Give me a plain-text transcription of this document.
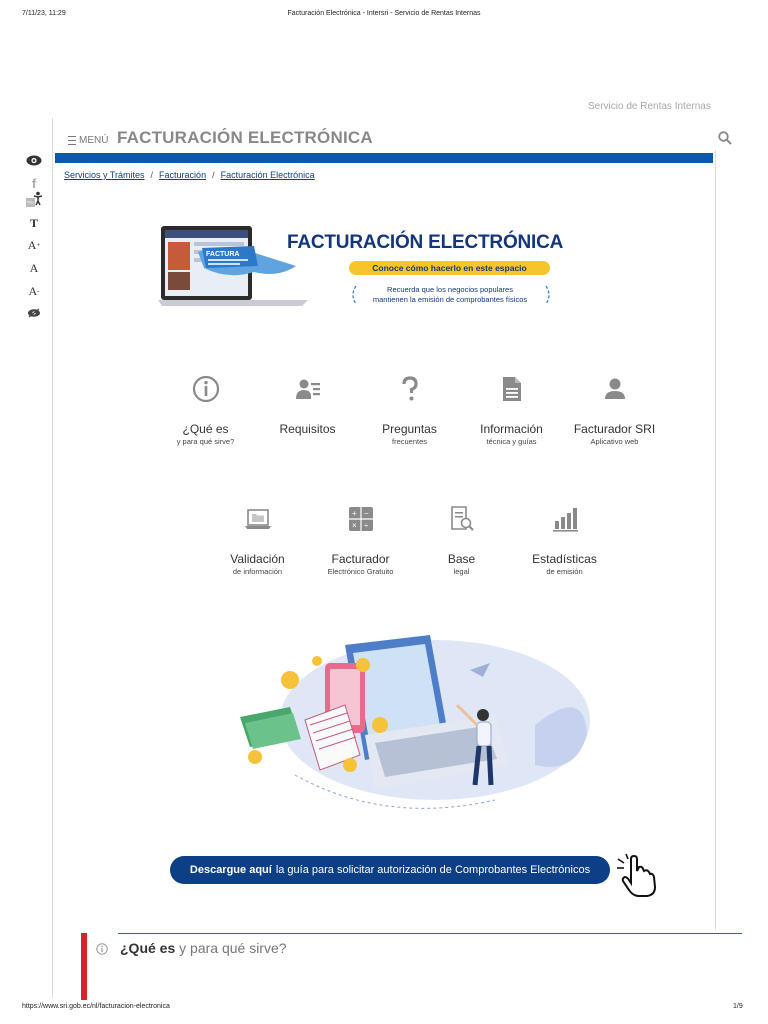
7/11/23, 11:29	Facturación Electrónica - Intersri - Servicio de Rentas Internas
https://www.sri.gob.ec/nl/facturacion-electronica	1/9
Servicio de Rentas Internas
MENÚ FACTURACIÓN ELECTRÓNICA
f
You
T
A +
A
A -
Servicios y Trámites / Facturación / Facturación Electrónica
FACTURA
FACTURACIÓN ELECTRÓNICA
Conoce cómo hacerlo en este espacio
Recuerda que los negocios populares
mantienen la emisión de comprobantes físicos
¿Qué es
y para qué sirve?
Requisitos	Preguntas
frecuentes
Información
técnica y guías
Facturador SRI
Aplicativo web
Validación
de información
+ −
× ÷
Facturador
Electrónico Gratuito
Base
legal
Estadísticas
de emisión
Descargue aquí la guía para solicitar autorización de Comprobantes Electrónicos
¿Qué es y para qué sirve?
